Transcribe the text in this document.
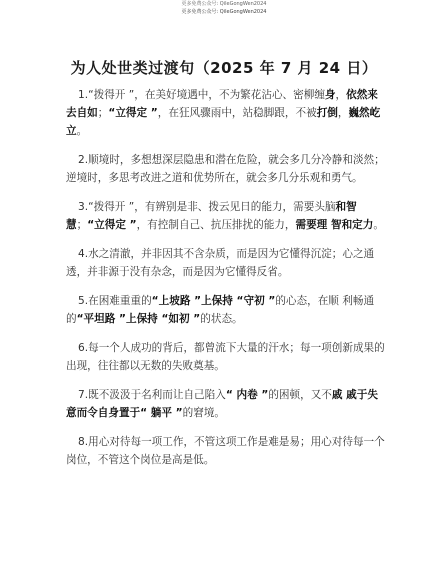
更多免费公众号: QileGongWen2024
更多免费公众号: QileGongWen2024
为人处世类过渡句（2025 年 7 月 24 日）

1.“拨得开 ”，在美好境遇中，不为繁花沾心、密柳缠身，依然来去自如；“立得定 ”，在狂风骤雨中，站稳脚跟，不被打倒，巍然屹立。

2.顺境时，多想想深层隐患和潜在危险，就会多几分冷静和淡然；逆境时，多思考改进之道和优势所在，就会多几分乐观和勇气。

3.“拨得开 ”，有辨别是非、拨云见日的能力，需要头脑和智慧；“立得定 ”，有控制自己、抗压排扰的能力，需要理 智和定力。

4.水之清澈，并非因其不含杂质，而是因为它懂得沉淀；心之通透，并非源于没有杂念，而是因为它懂得反省。

5.在困难重重的“上坡路 ”上保持 “守初 ”的心态，在顺 利畅通的“平坦路 ”上保持 “如初 ”的状态。

6.每一个人成功的背后，都曾流下大量的汗水；每一项创新成果的出现，往往都以无数的失败奠基。

7.既不汲汲于名利而让自己陷入“ 内卷 ”的困顿，又不戚 戚于失意而令自身置于“ 躺平 ”的窘境。

8.用心对待每一项工作，不管这项工作是难是易；用心对待每一个岗位，不管这个岗位是高是低。
